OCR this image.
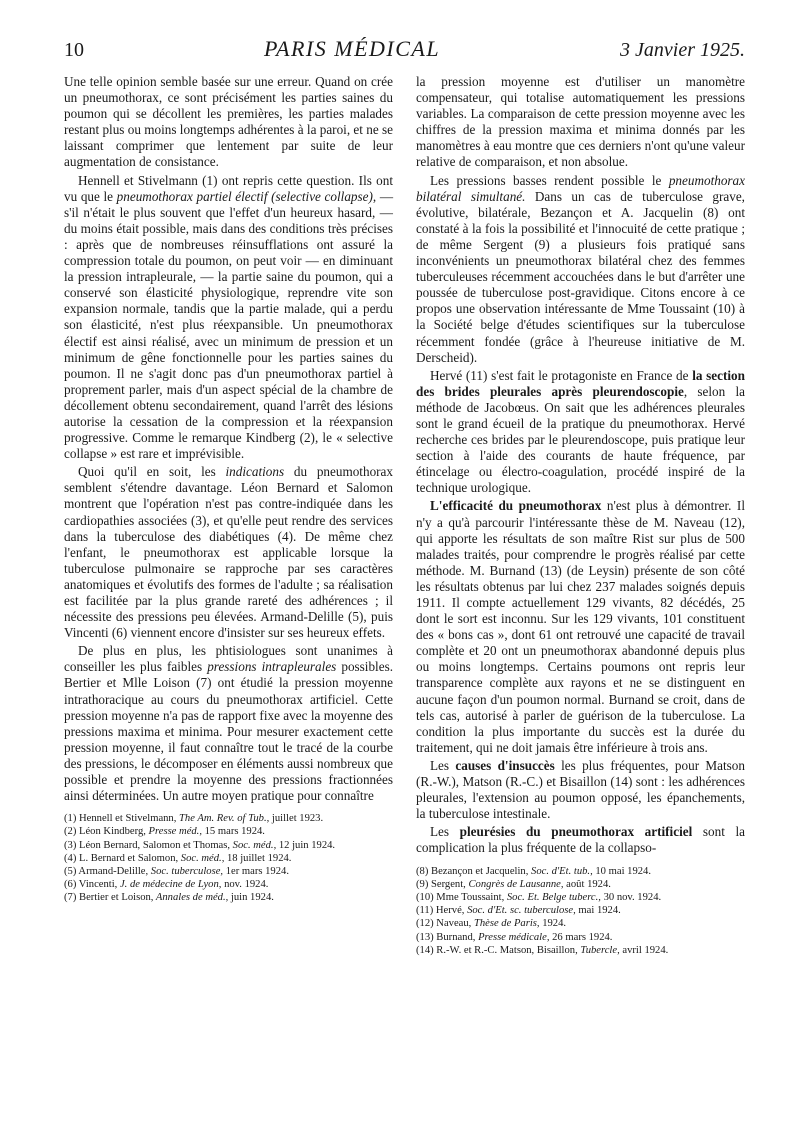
10	PARIS MÉDICAL	3 Janvier 1925.

Une telle opinion semble basée sur une erreur. Quand on crée un pneumothorax, ce sont précisément les parties saines du poumon qui se décollent les premières, les parties malades restant plus ou moins longtemps adhérentes à la paroi, et ne se laissant comprimer que lentement par suite de leur augmentation de consistance.

Hennell et Stivelmann (1) ont repris cette question. Ils ont vu que le pneumothorax partiel électif (selective collapse), — s'il n'était le plus souvent que l'effet d'un heureux hasard, — du moins était possible, mais dans des conditions très précises : après que de nombreuses réinsufflations ont assuré la compression totale du poumon, on peut voir — en diminuant la pression intrapleurale, — la partie saine du poumon, qui a conservé son élasticité physiologique, reprendre vite son expansion normale, tandis que la partie malade, qui a perdu son élasticité, n'est plus réexpansible. Un pneumothorax électif est ainsi réalisé, avec un minimum de pression et un minimum de gêne fonctionnelle pour les parties saines du poumon. Il ne s'agit donc pas d'un pneumothorax partiel à proprement parler, mais d'un aspect spécial de la chambre de décollement obtenu secondairement, quand l'arrêt des lésions autorise la cessation de la compression et la réexpansion progressive. Comme le remarque Kindberg (2), le « selective collapse » est rare et imprévisible.

Quoi qu'il en soit, les indications du pneumothorax semblent s'étendre davantage. Léon Bernard et Salomon montrent que l'opération n'est pas contre-indiquée dans les cardiopathies associées (3), et qu'elle peut rendre des services dans la tuberculose des diabétiques (4). De même chez l'enfant, le pneumothorax est applicable lorsque la tuberculose pulmonaire se rapproche par ses caractères anatomiques et évolutifs des formes de l'adulte ; sa réalisation est facilitée par la plus grande rareté des adhérences ; il nécessite des pressions peu élevées. Armand-Delille (5), puis Vincenti (6) viennent encore d'insister sur ses heureux effets.

De plus en plus, les phtisiologues sont unanimes à conseiller les plus faibles pressions intrapleurales possibles. Bertier et Mlle Loison (7) ont étudié la pression moyenne intrathoracique au cours du pneumothorax artificiel. Cette pression moyenne n'a pas de rapport fixe avec la moyenne des pressions maxima et minima. Pour mesurer exactement cette pression moyenne, il faut connaître tout le tracé de la courbe des pressions, le décomposer en éléments aussi nombreux que possible et prendre la moyenne des pressions fractionnées ainsi déterminées. Un autre moyen pratique pour connaître

(1) Hennell et Stivelmann, The Am. Rev. of Tub., juillet 1923.
(2) Léon Kindberg, Presse méd., 15 mars 1924.
(3) Léon Bernard, Salomon et Thomas, Soc. méd., 12 juin 1924.
(4) L. Bernard et Salomon, Soc. méd., 18 juillet 1924.
(5) Armand-Delille, Soc. tuberculose, 1er mars 1924.
(6) Vincenti, J. de médecine de Lyon, nov. 1924.
(7) Bertier et Loison, Annales de méd., juin 1924.

la pression moyenne est d'utiliser un manomètre compensateur, qui totalise automatiquement les pressions variables. La comparaison de cette pression moyenne avec les chiffres de la pression maxima et minima donnés par les manomètres à eau montre que ces derniers n'ont qu'une valeur relative de comparaison, et non absolue.

Les pressions basses rendent possible le pneumothorax bilatéral simultané. Dans un cas de tuberculose grave, évolutive, bilatérale, Bezançon et A. Jacquelin (8) ont constaté à la fois la possibilité et l'innocuité de cette pratique ; de même Sergent (9) a plusieurs fois pratiqué sans inconvénients un pneumothorax bilatéral chez des femmes tuberculeuses récemment accouchées dans le but d'arrêter une poussée de tuberculose post-gravidique. Citons encore à ce propos une observation intéressante de Mme Toussaint (10) à la Société belge d'études scientifiques sur la tuberculose récemment fondée (grâce à l'heureuse initiative de M. Derscheid).

Hervé (11) s'est fait le protagoniste en France de la section des brides pleurales après pleurendoscopie, selon la méthode de Jacobœus. On sait que les adhérences pleurales sont le grand écueil de la pratique du pneumothorax. Hervé recherche ces brides par le pleurendoscope, puis pratique leur section à l'aide des courants de haute fréquence, par étincelage ou électro-coagulation, procédé inspiré de la technique urologique.

L'efficacité du pneumothorax n'est plus à démontrer. Il n'y a qu'à parcourir l'intéressante thèse de M. Naveau (12), qui apporte les résultats de son maître Rist sur plus de 500 malades traités, pour comprendre le progrès réalisé par cette méthode. M. Burnand (13) (de Leysin) présente de son côté les résultats obtenus par lui chez 237 malades soignés depuis 1911. Il compte actuellement 129 vivants, 82 décédés, 25 dont le sort est inconnu. Sur les 129 vivants, 101 constituent des « bons cas », dont 61 ont retrouvé une capacité de travail complète et 20 ont un pneumothorax abandonné depuis plus ou moins longtemps. Certains poumons ont repris leur transparence complète aux rayons et ne se distinguent en aucune façon d'un poumon normal. Burnand se croit, dans de tels cas, autorisé à parler de guérison de la tuberculose. La condition la plus importante du succès est la durée du traitement, qui ne doit jamais être inférieure à trois ans.

Les causes d'insuccès les plus fréquentes, pour Matson (R.-W.), Matson (R.-C.) et Bisaillon (14) sont : les adhérences pleurales, l'extension au poumon opposé, les épanchements, la tuberculose intestinale.

Les pleurésies du pneumothorax artificiel sont la complication la plus fréquente de la collapso-

(8) Bezançon et Jacquelin, Soc. d'Et. tub., 10 mai 1924.
(9) Sergent, Congrès de Lausanne, août 1924.
(10) Mme Toussaint, Soc. Et. Belge tuberc., 30 nov. 1924.
(11) Hervé, Soc. d'Et. sc. tuberculose, mai 1924.
(12) Naveau, Thèse de Paris, 1924.
(13) Burnand, Presse médicale, 26 mars 1924.
(14) R.-W. et R.-C. Matson, Bisaillon, Tubercle, avril 1924.
